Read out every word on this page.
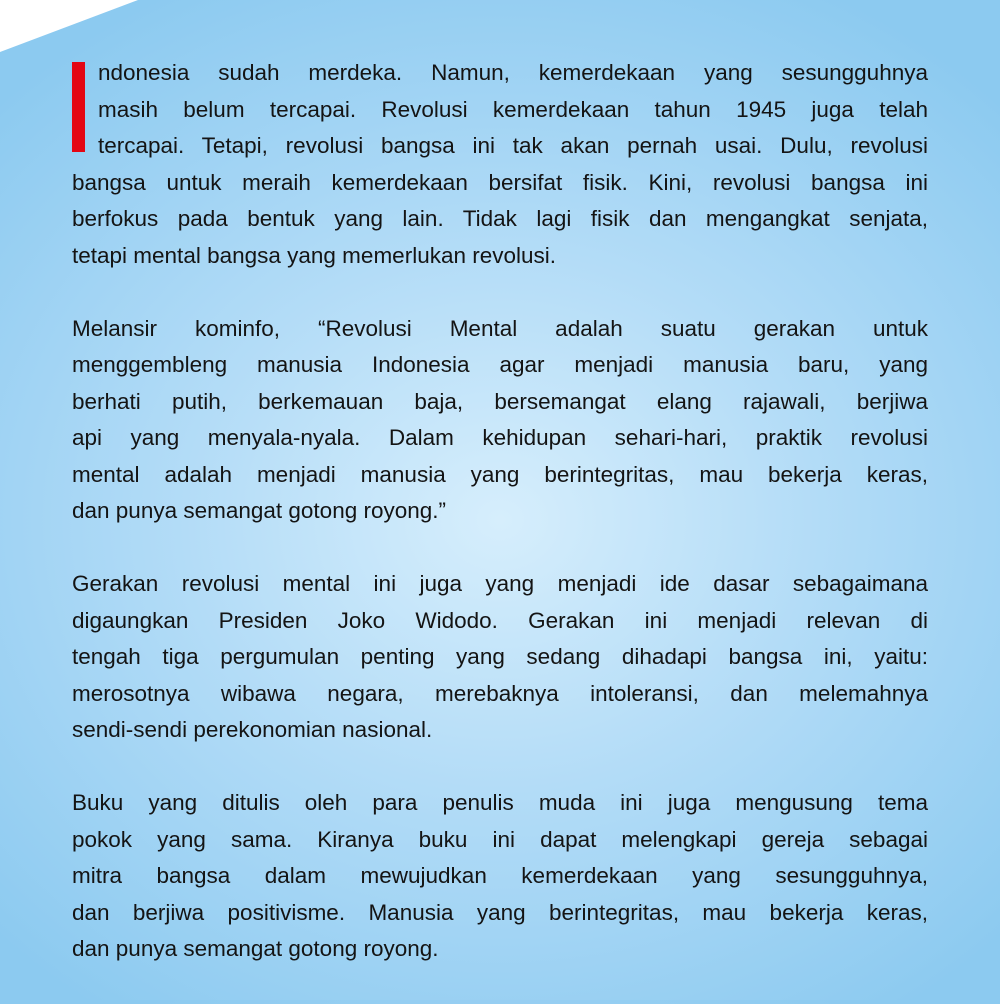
ndonesia sudah merdeka. Namun, kemerdekaan yang sesungguhnya
masih belum tercapai. Revolusi kemerdekaan tahun 1945 juga telah
tercapai. Tetapi, revolusi bangsa ini tak akan pernah usai. Dulu, revolusi
bangsa untuk meraih kemerdekaan bersifat fisik. Kini, revolusi bangsa ini
berfokus pada bentuk yang lain. Tidak lagi fisik dan mengangkat senjata,
tetapi mental bangsa yang memerlukan revolusi.
Melansir kominfo, “Revolusi Mental adalah suatu gerakan untuk
menggembleng manusia Indonesia agar menjadi manusia baru, yang
berhati putih, berkemauan baja, bersemangat elang rajawali, berjiwa
api yang menyala-nyala. Dalam kehidupan sehari-hari, praktik revolusi
mental adalah menjadi manusia yang berintegritas, mau bekerja keras,
dan punya semangat gotong royong.”
Gerakan revolusi mental ini juga yang menjadi ide dasar sebagaimana
digaungkan Presiden Joko Widodo. Gerakan ini menjadi relevan di
tengah tiga pergumulan penting yang sedang dihadapi bangsa ini, yaitu:
merosotnya wibawa negara, merebaknya intoleransi, dan melemahnya
sendi-sendi perekonomian nasional.
Buku yang ditulis oleh para penulis muda ini juga mengusung tema
pokok yang sama. Kiranya buku ini dapat melengkapi gereja sebagai
mitra bangsa dalam mewujudkan kemerdekaan yang sesungguhnya,
dan berjiwa positivisme. Manusia yang berintegritas, mau bekerja keras,
dan punya semangat gotong royong.
